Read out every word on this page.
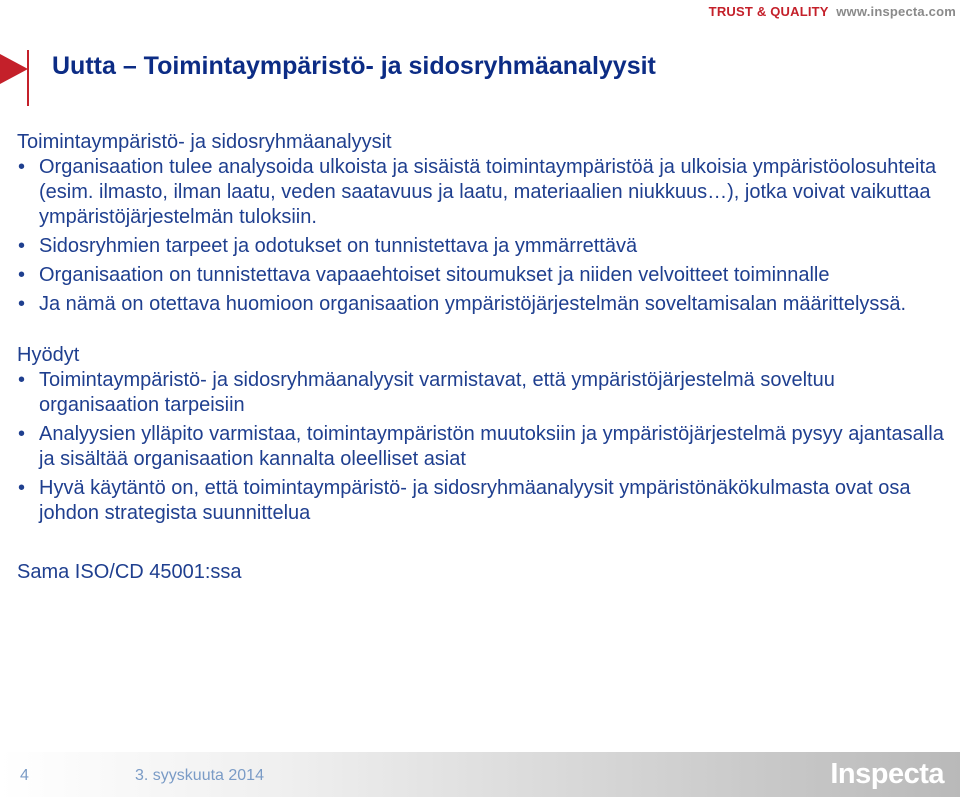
TRUST & QUALITY www.inspecta.com
Uutta – Toimintaympäristö- ja sidosryhmäanalyysit

Toimintaympäristö- ja sidosryhmäanalyysit

• Organisaation tulee analysoida ulkoista ja sisäistä toimintaympäristöä ja ulkoisia ympäristöolosuhteita (esim. ilmasto, ilman laatu, veden saatavuus ja laatu, materiaalien niukkuus…), jotka voivat vaikuttaa ympäristöjärjestelmän tuloksiin.
• Sidosryhmien tarpeet ja odotukset on tunnistettava ja ymmärrettävä
• Organisaation on tunnistettava vapaaehtoiset sitoumukset ja niiden velvoitteet toiminnalle
• Ja nämä on otettava huomioon organisaation ympäristöjärjestelmän soveltamisalan määrittelyssä.

Hyödyt

• Toimintaympäristö- ja sidosryhmäanalyysit varmistavat, että ympäristöjärjestelmä soveltuu organisaation tarpeisiin
• Analyysien ylläpito varmistaa, toimintaympäristön muutoksiin ja ympäristöjärjestelmä pysyy ajantasalla ja sisältää organisaation kannalta oleelliset asiat
• Hyvä käytäntö on, että toimintaympäristö- ja sidosryhmäanalyysit ympäristönäkökulmasta ovat osa johdon strategista suunnittelua

Sama ISO/CD 45001:ssa

4	3. syyskuuta 2014	Inspecta
